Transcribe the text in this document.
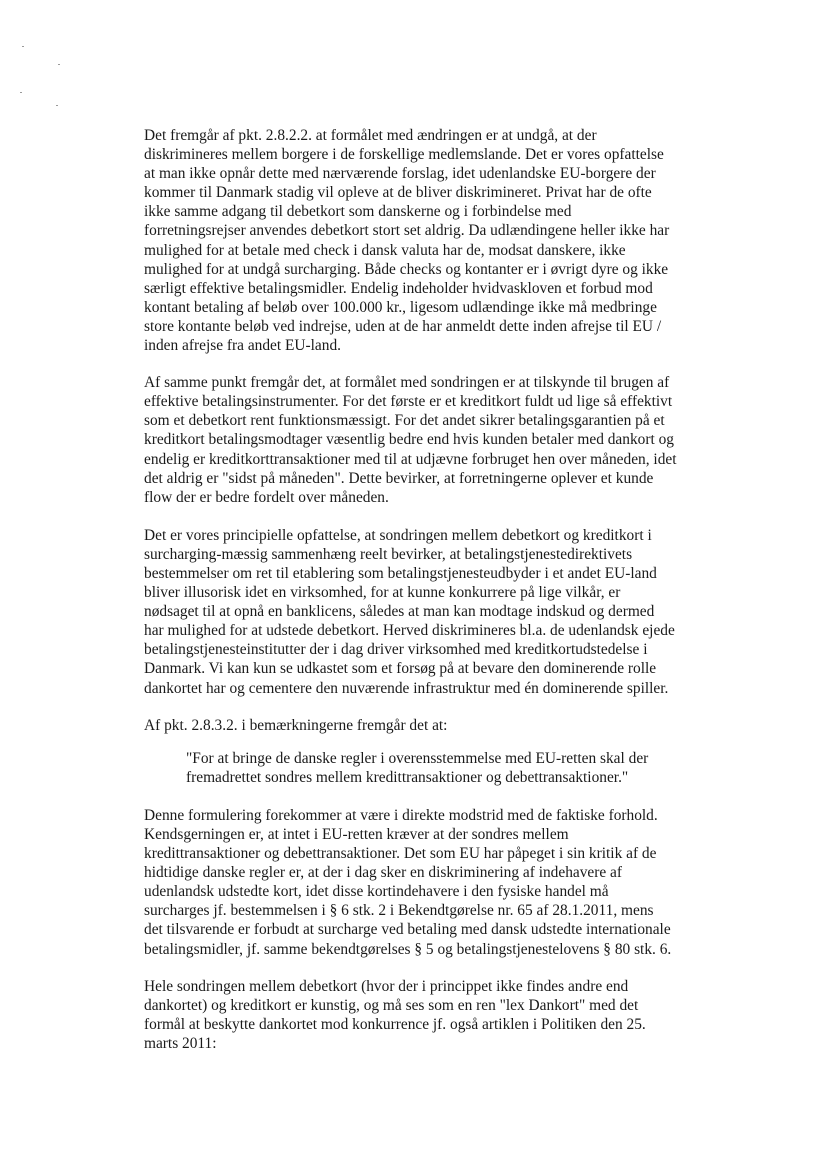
Det fremgår af pkt. 2.8.2.2. at formålet med ændringen er at undgå, at der
diskrimineres mellem borgere i de forskellige medlemslande. Det er vores opfattelse
at man ikke opnår dette med nærværende forslag, idet udenlandske EU-borgere der
kommer til Danmark stadig vil opleve at de bliver diskrimineret. Privat har de ofte
ikke samme adgang til debetkort som danskerne og i forbindelse med
forretningsrejser anvendes debetkort stort set aldrig. Da udlændingene heller ikke har
mulighed for at betale med check i dansk valuta har de, modsat danskere, ikke
mulighed for at undgå surcharging. Både checks og kontanter er i øvrigt dyre og ikke
særligt effektive betalingsmidler. Endelig indeholder hvidvaskloven et forbud mod
kontant betaling af beløb over 100.000 kr., ligesom udlændinge ikke må medbringe
store kontante beløb ved indrejse, uden at de har anmeldt dette inden afrejse til EU /
inden afrejse fra andet EU-land.

Af samme punkt fremgår det, at formålet med sondringen er at tilskynde til brugen af
effektive betalingsinstrumenter. For det første er et kreditkort fuldt ud lige så effektivt
som et debetkort rent funktionsmæssigt. For det andet sikrer betalingsgarantien på et
kreditkort betalingsmodtager væsentlig bedre end hvis kunden betaler med dankort og
endelig er kreditkorttransaktioner med til at udjævne forbruget hen over måneden, idet
det aldrig er "sidst på måneden". Dette bevirker, at forretningerne oplever et kunde
flow der er bedre fordelt over måneden.

Det er vores principielle opfattelse, at sondringen mellem debetkort og kreditkort i
surcharging-mæssig sammenhæng reelt bevirker, at betalingstjenestedirektivets
bestemmelser om ret til etablering som betalingstjenesteudbyder i et andet EU-land
bliver illusorisk idet en virksomhed, for at kunne konkurrere på lige vilkår, er
nødsaget til at opnå en banklicens, således at man kan modtage indskud og dermed
har mulighed for at udstede debetkort. Herved diskrimineres bl.a. de udenlandsk ejede
betalingstjenesteinstitutter der i dag driver virksomhed med kreditkortudstedelse i
Danmark. Vi kan kun se udkastet som et forsøg på at bevare den dominerende rolle
dankortet har og cementere den nuværende infrastruktur med én dominerende spiller.

Af pkt. 2.8.3.2. i bemærkningerne fremgår det at:

"For at bringe de danske regler i overensstemmelse med EU-retten skal der
fremadrettet sondres mellem kredittransaktioner og debettransaktioner."

Denne formulering forekommer at være i direkte modstrid med de faktiske forhold.
Kendsgerningen er, at intet i EU-retten kræver at der sondres mellem
kredittransaktioner og debettransaktioner. Det som EU har påpeget i sin kritik af de
hidtidige danske regler er, at der i dag sker en diskriminering af indehavere af
udenlandsk udstedte kort, idet disse kortindehavere i den fysiske handel må
surcharges jf. bestemmelsen i § 6 stk. 2 i Bekendtgørelse nr. 65 af 28.1.2011, mens
det tilsvarende er forbudt at surcharge ved betaling med dansk udstedte internationale
betalingsmidler, jf. samme bekendtgørelses § 5 og betalingstjenestelovens § 80 stk. 6.

Hele sondringen mellem debetkort (hvor der i princippet ikke findes andre end
dankortet) og kreditkort er kunstig, og må ses som en ren "lex Dankort" med det
formål at beskytte dankortet mod konkurrence jf. også artiklen i Politiken den 25.
marts 2011:
